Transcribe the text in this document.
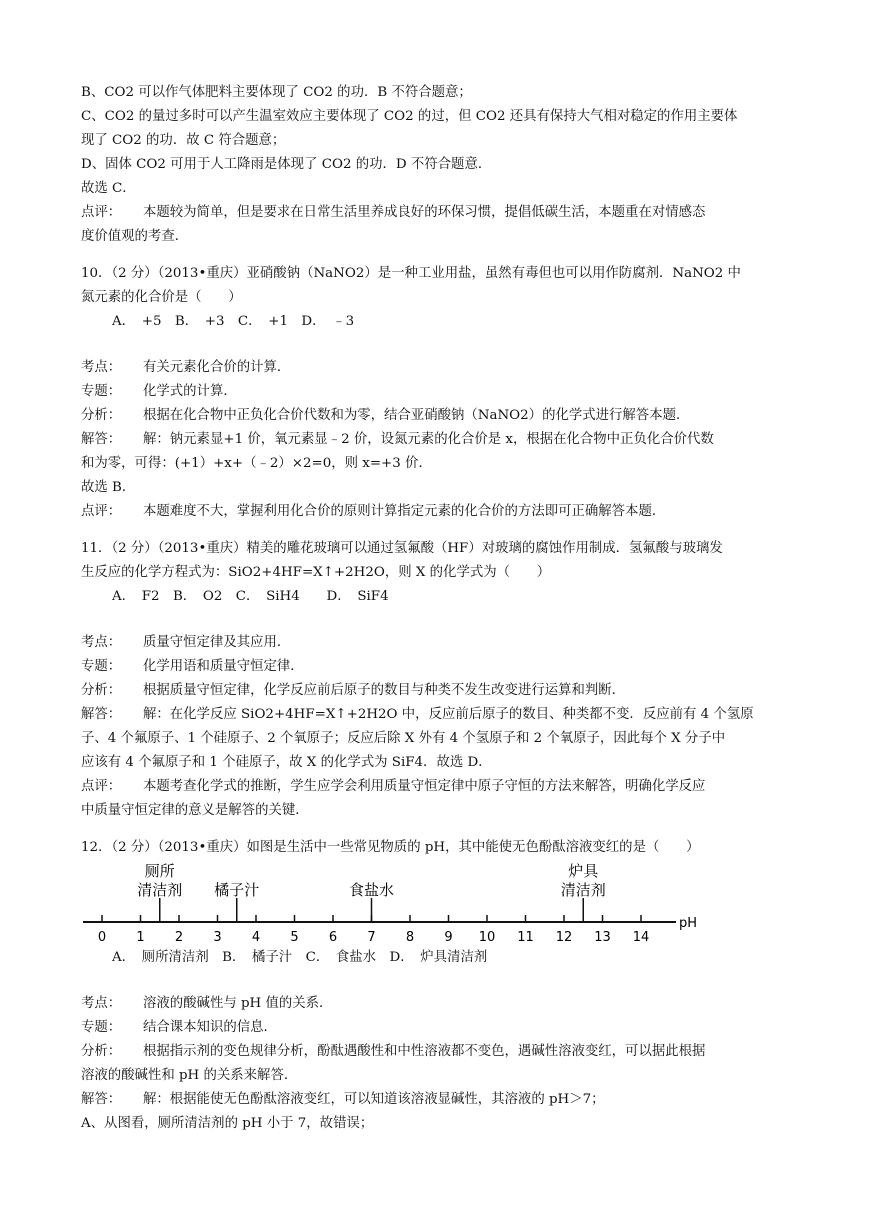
B、CO2 可以作气体肥料主要体现了 CO2 的功．B 不符合题意；
C、CO2 的量过多时可以产生温室效应主要体现了 CO2 的过，但 CO2 还具有保持大气相对稳定的作用主要体
现了 CO2 的功．故 C 符合题意；
D、固体 CO2 可用于人工降雨是体现了 CO2 的功．D 不符合题意．
故选 C．
点评： 本题较为简单，但是要求在日常生活里养成良好的环保习惯，提倡低碳生活，本题重在对情感态
度价值观的考查．
10．（2 分）（2013•重庆）亚硝酸钠（NaNO2）是一种工业用盐，虽然有毒但也可以用作防腐剂．NaNO2 中
氮元素的化合价是（　　）
A．　+5　B．　+3　C．　+1　D．　﹣3
考点： 有关元素化合价的计算．
专题： 化学式的计算．
分析： 根据在化合物中正负化合价代数和为零，结合亚硝酸钠（NaNO2）的化学式进行解答本题．
解答： 解：钠元素显+1 价，氧元素显﹣2 价，设氮元素的化合价是 x，根据在化合物中正负化合价代数
和为零，可得：(+1）+x+（﹣2）×2=0，则 x=+3 价．
故选 B．
点评： 本题难度不大，掌握利用化合价的原则计算指定元素的化合价的方法即可正确解答本题．
11．（2 分）（2013•重庆）精美的雕花玻璃可以通过氢氟酸（HF）对玻璃的腐蚀作用制成．氢氟酸与玻璃发
生反应的化学方程式为：SiO2+4HF=X↑+2H2O，则 X 的化学式为（　　）
A．　F2　B．　O2　C．　SiH4　　D．　SiF4
考点： 质量守恒定律及其应用．
专题： 化学用语和质量守恒定律．
分析： 根据质量守恒定律，化学反应前后原子的数目与种类不发生改变进行运算和判断．
解答： 解：在化学反应 SiO2+4HF=X↑+2H2O 中，反应前后原子的数目、种类都不变．反应前有 4 个氢原
子、4 个氟原子、1 个硅原子、2 个氧原子；反应后除 X 外有 4 个氢原子和 2 个氧原子，因此每个 X 分子中
应该有 4 个氟原子和 1 个硅原子，故 X 的化学式为 SiF4．故选 D．
点评： 本题考查化学式的推断，学生应学会利用质量守恒定律中原子守恒的方法来解答，明确化学反应
中质量守恒定律的意义是解答的关键．
12．（2 分）（2013•重庆）如图是生活中一些常见物质的 pH，其中能使无色酚酞溶液变红的是（　　）
0 1 2 3 4 5 6 7 8 9 10 11 12 13 14
厕所
清洁剂 橘子汁	食盐水
炉具
清洁剂
pH
A．　厕所清洁剂　B．　橘子汁　C．　食盐水　D．　炉具清洁剂
考点： 溶液的酸碱性与 pH 值的关系．
专题： 结合课本知识的信息．
分析： 根据指示剂的变色规律分析，酚酞遇酸性和中性溶液都不变色，遇碱性溶液变红，可以据此根据
溶液的酸碱性和 pH 的关系来解答．
解答： 解：根据能使无色酚酞溶液变红，可以知道该溶液显碱性，其溶液的 pH＞7；
A、从图看，厕所清洁剂的 pH 小于 7，故错误；
